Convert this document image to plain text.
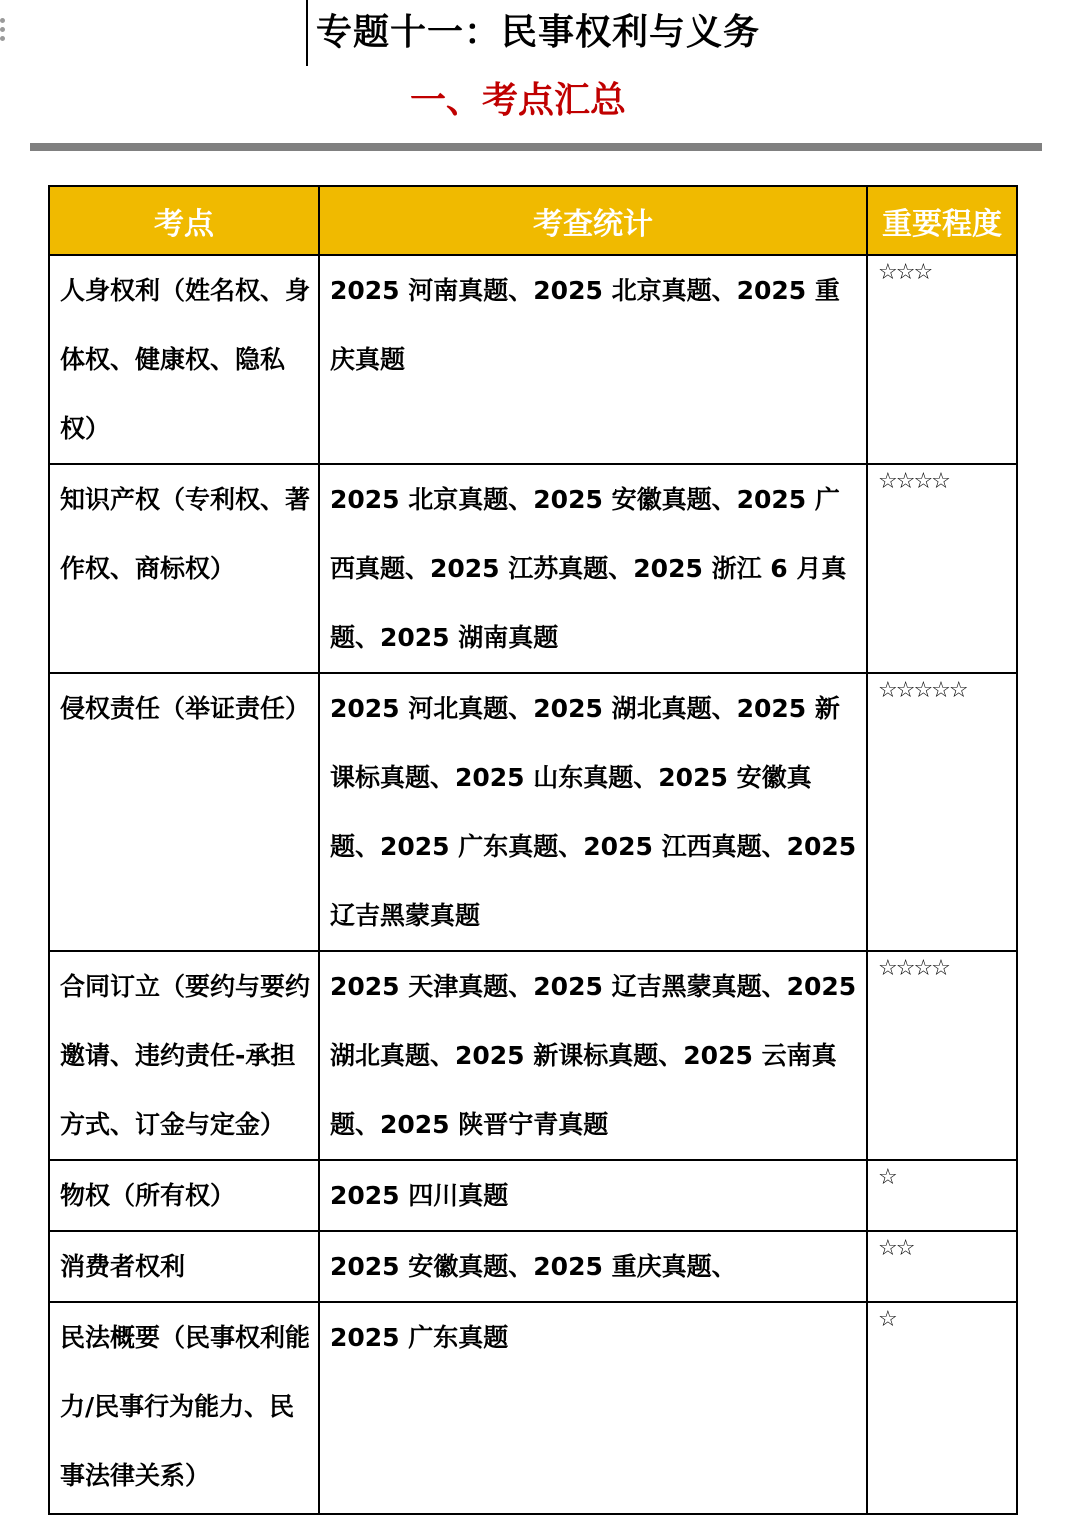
专题十一：民事权利与义务
一、考点汇总
考点	考查统计	重要程度
人身权利（姓名权、身体权、健康权、隐私权）	2025 河南真题、2025 北京真题、2025 重庆真题	☆☆☆
知识产权（专利权、著作权、商标权）	2025 北京真题、2025 安徽真题、2025 广西真题、2025 江苏真题、2025 浙江 6 月真题、2025 湖南真题	☆☆☆☆
侵权责任（举证责任）	2025 河北真题、2025 湖北真题、2025 新课标真题、2025 山东真题、2025 安徽真题、2025 广东真题、2025 江西真题、2025 辽吉黑蒙真题	☆☆☆☆☆
合同订立（要约与要约邀请、违约责任-承担方式、订金与定金）	2025 天津真题、2025 辽吉黑蒙真题、2025 湖北真题、2025 新课标真题、2025 云南真题、2025 陕晋宁青真题	☆☆☆☆
物权（所有权）	2025 四川真题	☆
消费者权利	2025 安徽真题、2025 重庆真题、	☆☆
民法概要（民事权利能力/民事行为能力、民事法律关系）	2025 广东真题	☆
